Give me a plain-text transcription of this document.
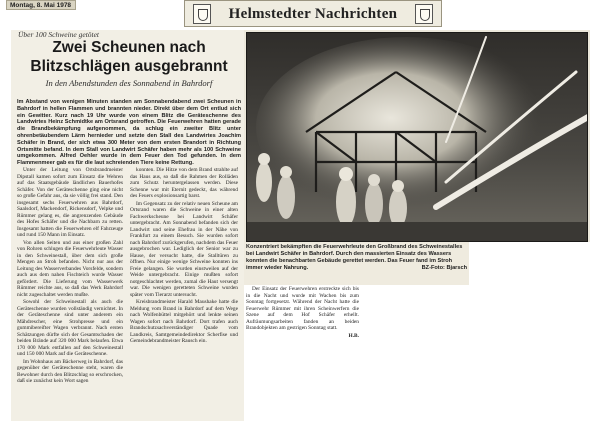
Montag, 8. Mai 1978
Helmstedter Nachrichten
Über 100 Schweine getötet
Zwei Scheunen nach
Blitzschlägen ausgebrannt
In den Abendstunden des Sonnabend in Bahrdorf
Im Abstand von wenigen Minuten standen am Sonnabendabend zwei Scheunen in Bahrdorf in hellen Flammen und brannten nieder. Direkt über dem Ort entlud sich ein Gewitter. Kurz nach 19 Uhr wurde von einem Blitz die Geräteschenne des Landwirtes Heinz Schmidtke am Ortsrand getroffen. Die Feuerwehren hatten gerade die Brandbekämpfung aufgenommen, da schlug ein zweiter Blitz unter ohrenbetäubendem Lärm hernieder und setzte den Stall des Landwirtes Joachim Schäfer in Brand, der sich etwa 300 Meter von dem ersten Brandort in Richtung Ortsmitte befand. In dem Stall von Landwirt Schäfer haben mehr als 100 Schweine umgekommen. Alfred Oehler wurde in dem Feuer den Tod gefunden. In dem Flammenmeer gab es für die laut schreienden Tiere keine Rettung.

Unter der Leitung von Ortsbrandmeister Dipstall kamen sofort zum Einsatz die Wehren auf das Staatsgebäude ländlichen Bauerhofes Schäfer. Von der Geräteschenne ging eine nicht so große Gefahr aus, da sie völlig frei stand. Den insgesamt sechs Feuerwehren aus Bahrdorf, Saalsdorf, Mackendorf, Rickensdorf, Velpke und Rümmer gelang es, die angrenzenden Gebäude des Hofes Schäfer und die Nachbarn zu retten. Insgesamt hatten die Feuerwehren elf Fahrzeuge und rund 150 Mann im Einsatz.

Von allen Seiten und aus einer großen Zahl von Rohren schlugen die Feuerwehrleute Wasser in den Schweinestall, über dem sich große Mengen an Stroh befanden. Nicht nur aus der Leitung des Wasserverbandes Vorsfelde, sondern auch aus dem nahen Fischteich wurde Wasser gefördert. Die Lieferung vom Wasserwerk Rümmer reichte aus, so daß das Werk Bahrdorf nicht zugeschaltet werden mußte.

Sowohl der Schweinestall als auch die Geräteschenne wurden vollständig vernichtet. In der Geräteschenne sind unter anderem ein Mähdrescher, eine Strohpresse und ein gummibereifter Wagen verbrannt. Nach ersten Schätzungen dürfte sich der Gesamtschaden der beiden Brände auf 320 000 Mark belaufen. Etwa 170 000 Mark entfallen auf den Schweinestall und 150 000 Mark auf die Geräteschenne.

Im Wohnhaus am Bäckerweg in Bahrdorf, das gegenüber der Geräteschenne steht, waren die Bewohner durch den Blitzschlag so erschrocken, daß sie zunächst kein Wort sagen

konnten. Die Hitze von dem Brand strahlte auf das Haus aus, so daß die Rahmen der Rolläden zum Schutz heruntergelassen werden. Diese Schenne war mit Eternit gedeckt, das während des Feuers explosionsartig barst.

Im Gegensatz zu der relativ neuen Scheune am Ortsrand waren die Schweine in einer alten Fachwerkscheune bei Landwirt Schäfer untergebracht. Am Sonnabend befanden sich der Landwirt und seine Ehefrau in der Nähe von Frankfurt zu einem Besuch. Sie wurden sofort nach Bahrdorf zurückgerufen, nachdem das Feuer ausgebrochen war. Lediglich der Senior war zu Hause, der versucht hatte, die Stalltüren zu öffnen. Nur einige wenige Schweine konnten ins Freie gelangen. Sie wurden einstweilen auf der Weide untergebracht. Einige mußten sofort notgeschlachtet werden, zumal die Haut versengt war. Die wenigen geretteten Schweine wurden später vom Tierarzt untersucht.

Kreisbrandmeister Harald Maushake hatte die Meldung vom Brand in Bahrdorf auf dem Wege nach Wolfenbüttel mitgehört und lenkte seinen Wagen sofort nach Bahrdorf. Dort trafen auch Brandschutzsachverständiger Quade vom Landkreis, Samtgemeindedirektor Scherfise und Gemeindebrandmeister Rausch ein.

Der Einsatz der Feuerwehren erstreckte sich bis in die Nacht und wurde mit Wachen bis zum Sonntag fortgesetzt. Während der Nacht hatte die Feuerwehr Rümmer mit ihren Scheinwerfern die Szene auf dem Hof Schäfer erhellt. Aufräumungsarbeiten fanden an beiden Brandobjekten am gestrigen Sonntag statt.

H.B.
Konzentriert bekämpften die Feuerwehrleute den Großbrand des Schweinestalles bei Landwirt Schäfer in Bahrdorf. Durch den massierten Einsatz des Wassers konnten die benachbarten Gebäude gerettet werden. Das Feuer fand im Stroh immer wieder Nahrung.	BZ-Foto: Bjarsch
